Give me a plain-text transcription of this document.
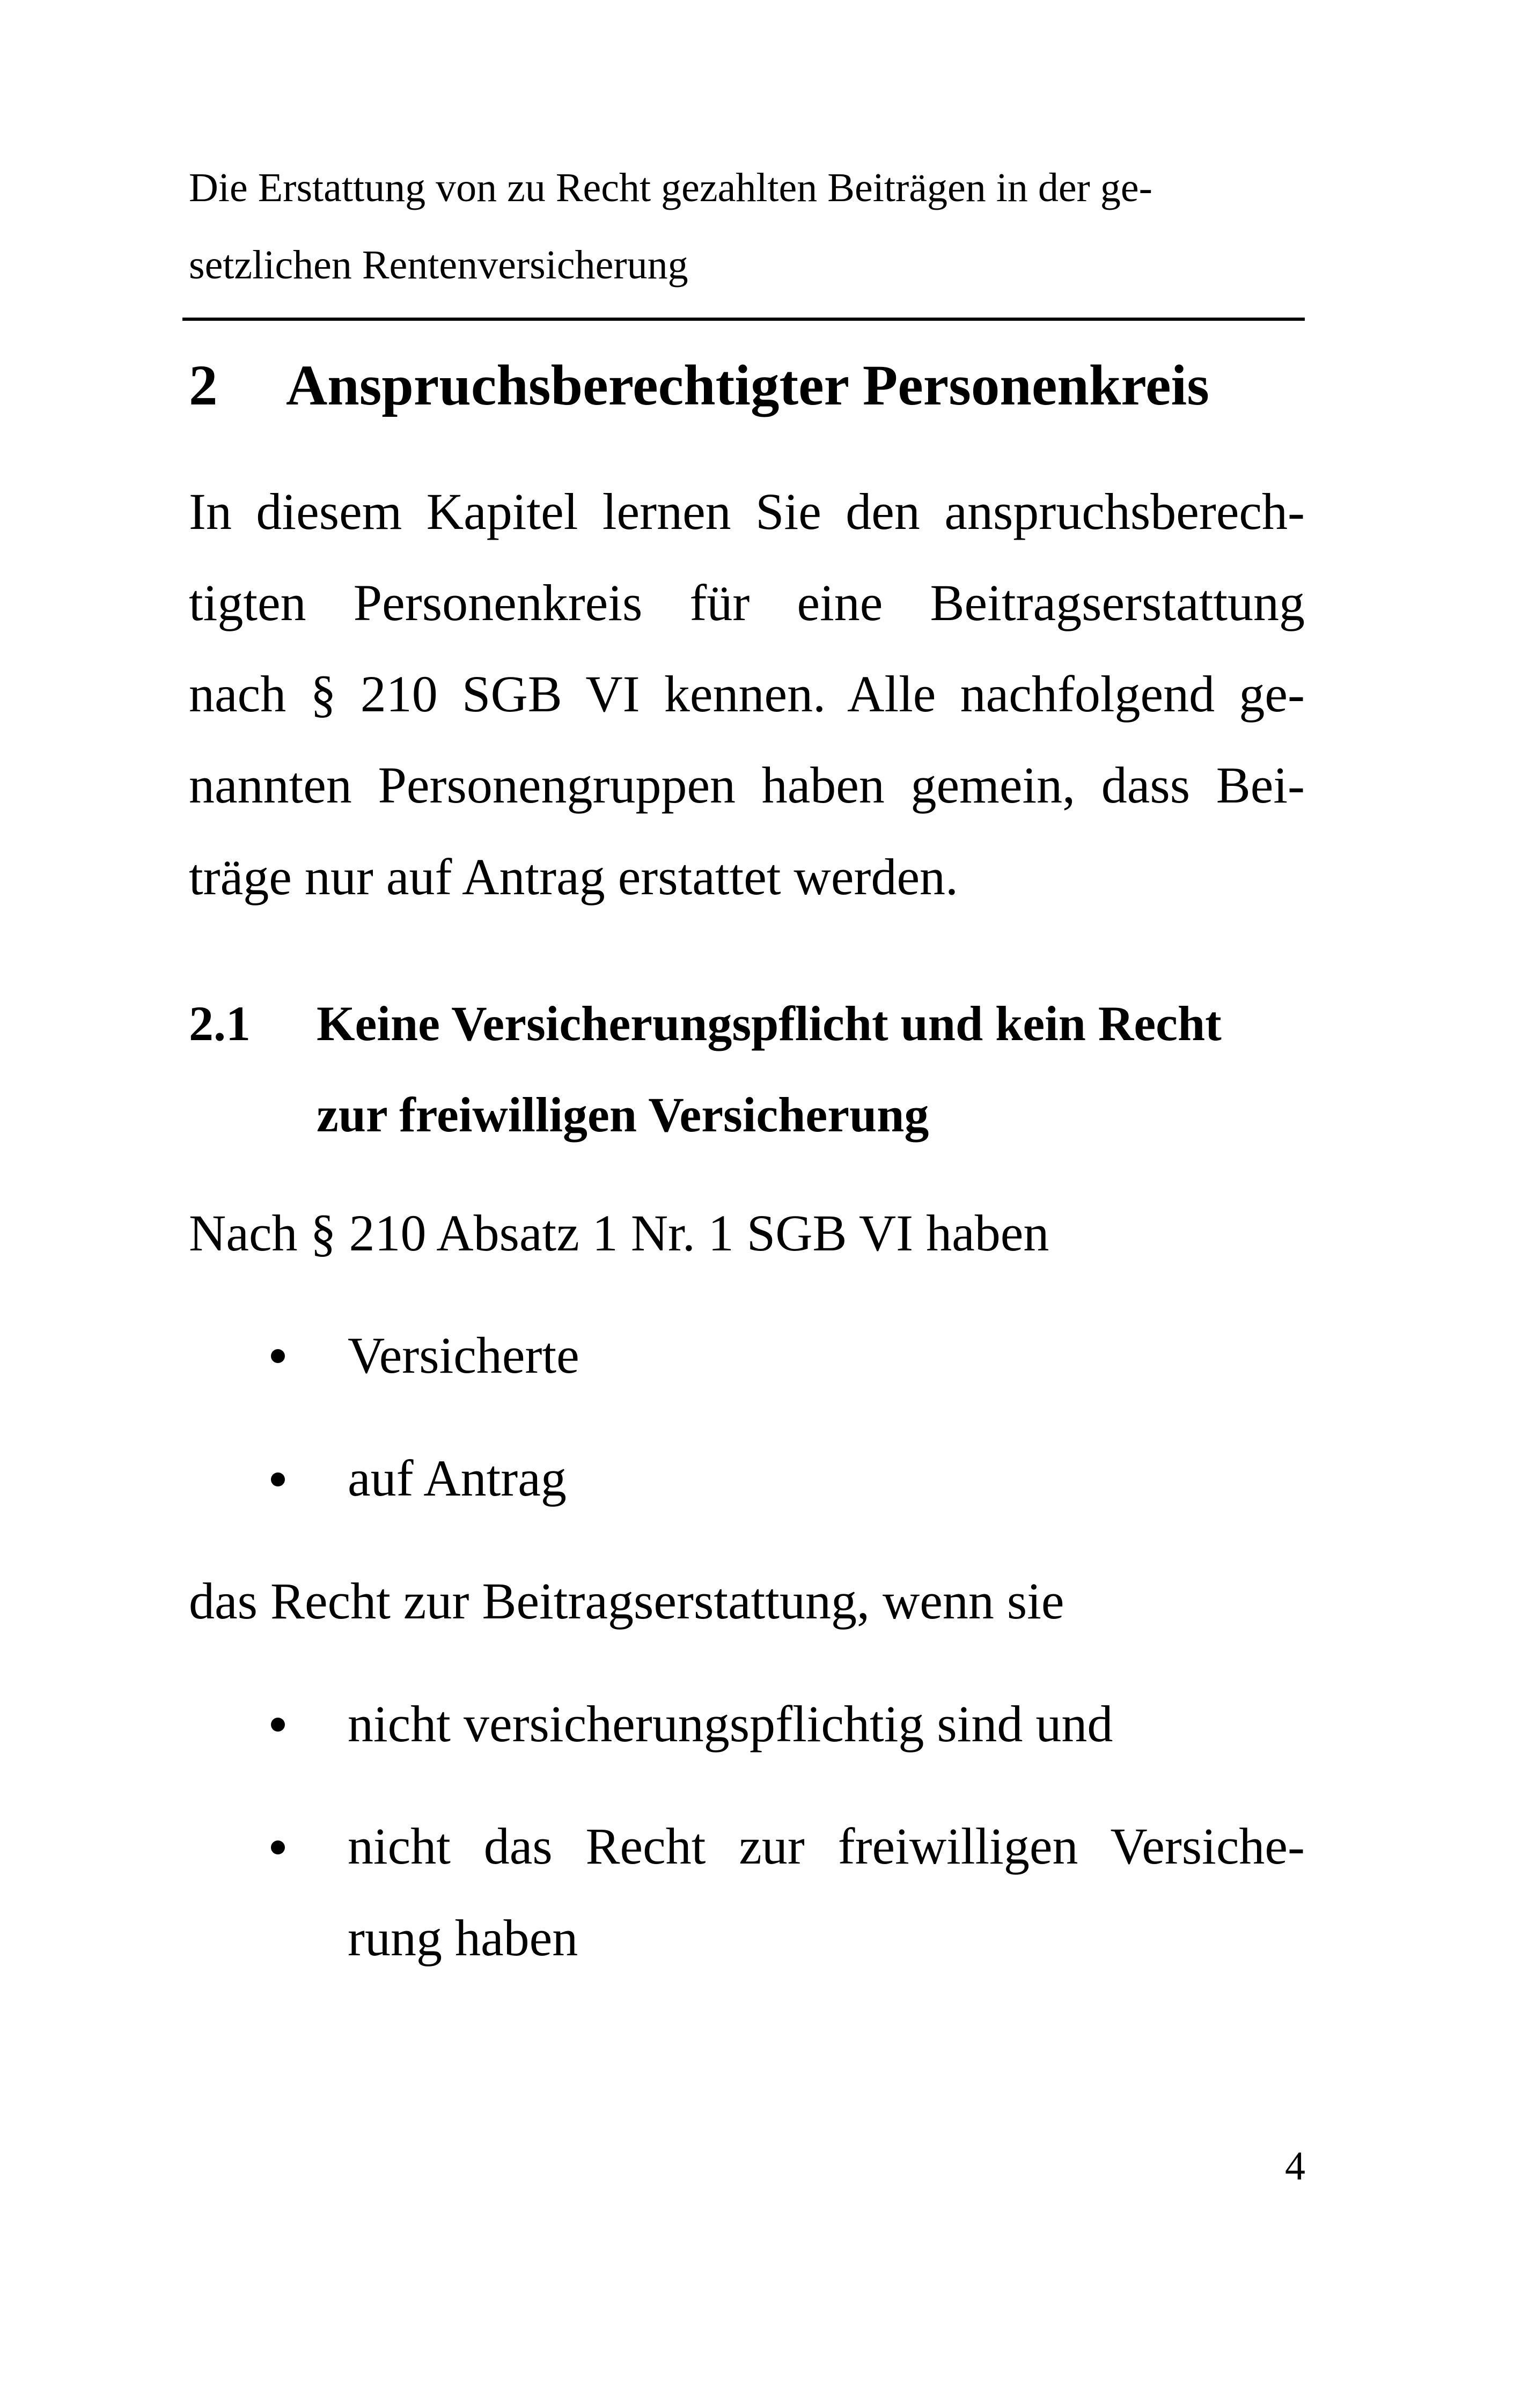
Die Erstattung von zu Recht gezahlten Beiträgen in der ge-
setzlichen Rentenversicherung
2 Anspruchsberechtigter Personenkreis
In diesem Kapitel lernen Sie den anspruchsberech-
tigten Personenkreis für eine Beitragserstattung
nach § 210 SGB VI kennen. Alle nachfolgend ge-
nannten Personengruppen haben gemein, dass Bei-
träge nur auf Antrag erstattet werden.
2.1 Keine Versicherungspflicht und kein Recht
zur freiwilligen Versicherung
Nach § 210 Absatz 1 Nr. 1 SGB VI haben
Versicherte
auf Antrag
das Recht zur Beitragserstattung, wenn sie
nicht versicherungspflichtig sind und
nicht das Recht zur freiwilligen Versiche-
rung haben
4
